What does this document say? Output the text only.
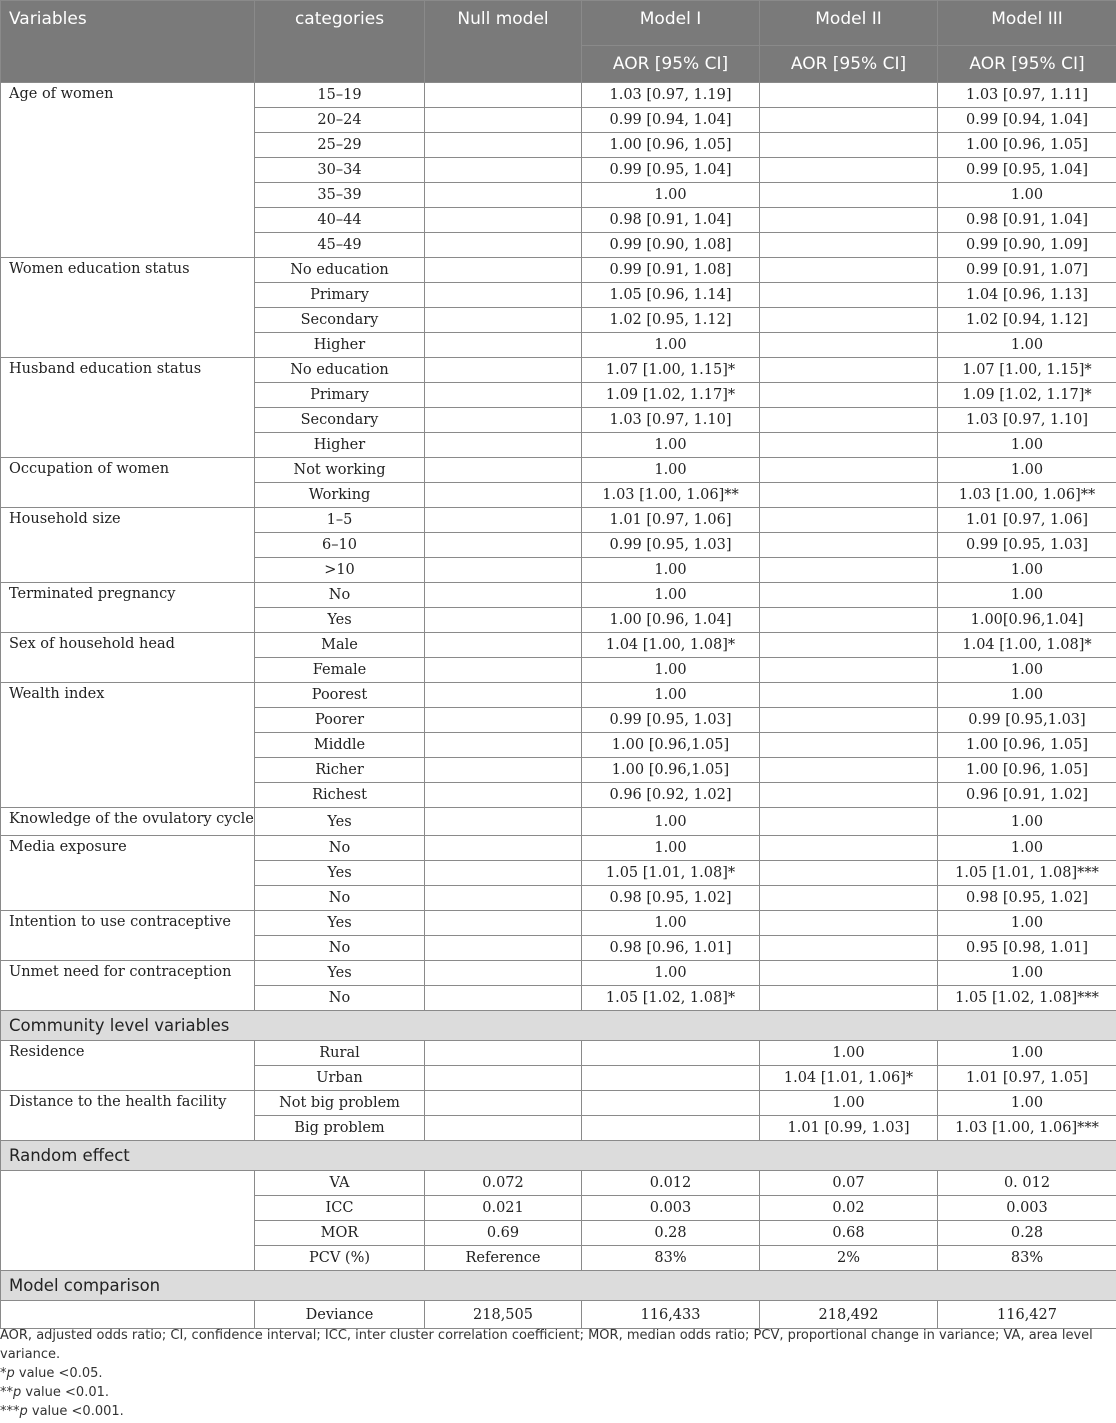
Variables	categories	Null model	Model I	Model II	Model III
			AOR [95% CI]	AOR [95% CI]	AOR [95% CI]
Age of women	15–19		1.03 [0.97, 1.19]		1.03 [0.97, 1.11]
	20–24		0.99 [0.94, 1.04]		0.99 [0.94, 1.04]
	25–29		1.00 [0.96, 1.05]		1.00 [0.96, 1.05]
	30–34		0.99 [0.95, 1.04]		0.99 [0.95, 1.04]
	35–39		1.00		1.00
	40–44		0.98 [0.91, 1.04]		0.98 [0.91, 1.04]
	45–49		0.99 [0.90, 1.08]		0.99 [0.90, 1.09]
Women education status	No education		0.99 [0.91, 1.08]		0.99 [0.91, 1.07]
	Primary		1.05 [0.96, 1.14]		1.04 [0.96, 1.13]
	Secondary		1.02 [0.95, 1.12]		1.02 [0.94, 1.12]
	Higher		1.00		1.00
Husband education status	No education		1.07 [1.00, 1.15]*		1.07 [1.00, 1.15]*
	Primary		1.09 [1.02, 1.17]*		1.09 [1.02, 1.17]*
	Secondary		1.03 [0.97, 1.10]		1.03 [0.97, 1.10]
	Higher		1.00		1.00
Occupation of women	Not working		1.00		1.00
	Working		1.03 [1.00, 1.06]**		1.03 [1.00, 1.06]**
Household size	1–5		1.01 [0.97, 1.06]		1.01 [0.97, 1.06]
	6–10		0.99 [0.95, 1.03]		0.99 [0.95, 1.03]
	>10		1.00		1.00
Terminated pregnancy	No		1.00		1.00
	Yes		1.00 [0.96, 1.04]		1.00[0.96,1.04]
Sex of household head	Male		1.04 [1.00, 1.08]*		1.04 [1.00, 1.08]*
	Female		1.00		1.00
Wealth index	Poorest		1.00		1.00
	Poorer		0.99 [0.95, 1.03]		0.99 [0.95,1.03]
	Middle		1.00 [0.96,1.05]		1.00 [0.96, 1.05]
	Richer		1.00 [0.96,1.05]		1.00 [0.96, 1.05]
	Richest		0.96 [0.92, 1.02]		0.96 [0.91, 1.02]
Knowledge of the ovulatory cycle	Yes		1.00		1.00
Media exposure	No		1.00		1.00
	Yes		1.05 [1.01, 1.08]*		1.05 [1.01, 1.08]***
	No		0.98 [0.95, 1.02]		0.98 [0.95, 1.02]
Intention to use contraceptive	Yes		1.00		1.00
	No		0.98 [0.96, 1.01]		0.95 [0.98, 1.01]
Unmet need for contraception	Yes		1.00		1.00
	No		1.05 [1.02, 1.08]*		1.05 [1.02, 1.08]***
Community level variables					
Residence	Rural			1.00	1.00
	Urban			1.04 [1.01, 1.06]*	1.01 [0.97, 1.05]
Distance to the health facility	Not big problem			1.00	1.00
	Big problem			1.01 [0.99, 1.03]	1.03 [1.00, 1.06]***
Random effect					
	VA	0.072	0.012	0.07	0. 012
	ICC	0.021	0.003	0.02	0.003
	MOR	0.69	0.28	0.68	0.28
	PCV (%)	Reference	83%	2%	83%
Model comparison					
	Deviance	218,505	116,433	218,492	116,427

AOR, adjusted odds ratio; CI, confidence interval; ICC, inter cluster correlation coefficient; MOR, median odds ratio; PCV, proportional change in variance; VA, area level variance.

*p value <0.05.

**p value <0.01.

***p value <0.001.
